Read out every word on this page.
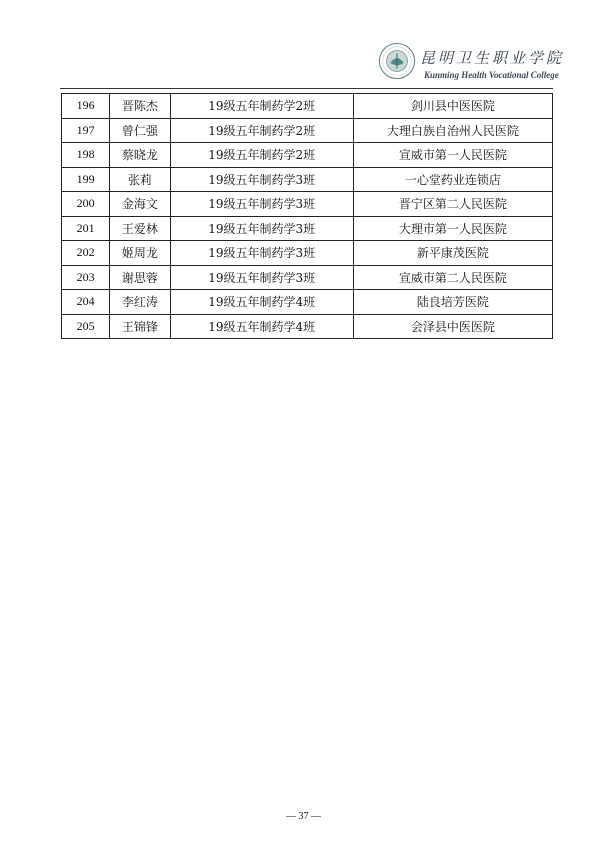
昆明卫生职业学院
Kunming Health Vocational College
196	晋陈杰	19级五年制药学2班	剑川县中医医院
197	曾仁强	19级五年制药学2班	大理白族自治州人民医院
198	蔡晓龙	19级五年制药学2班	宣威市第一人民医院
199	张莉	19级五年制药学3班	一心堂药业连锁店
200	金海文	19级五年制药学3班	晋宁区第二人民医院
201	王爱林	19级五年制药学3班	大理市第一人民医院
202	姬周龙	19级五年制药学3班	新平康茂医院
203	谢思蓉	19级五年制药学3班	宣威市第二人民医院
204	李红涛	19级五年制药学4班	陆良培芳医院
205	王锦锋	19级五年制药学4班	会泽县中医医院
— 37 —
